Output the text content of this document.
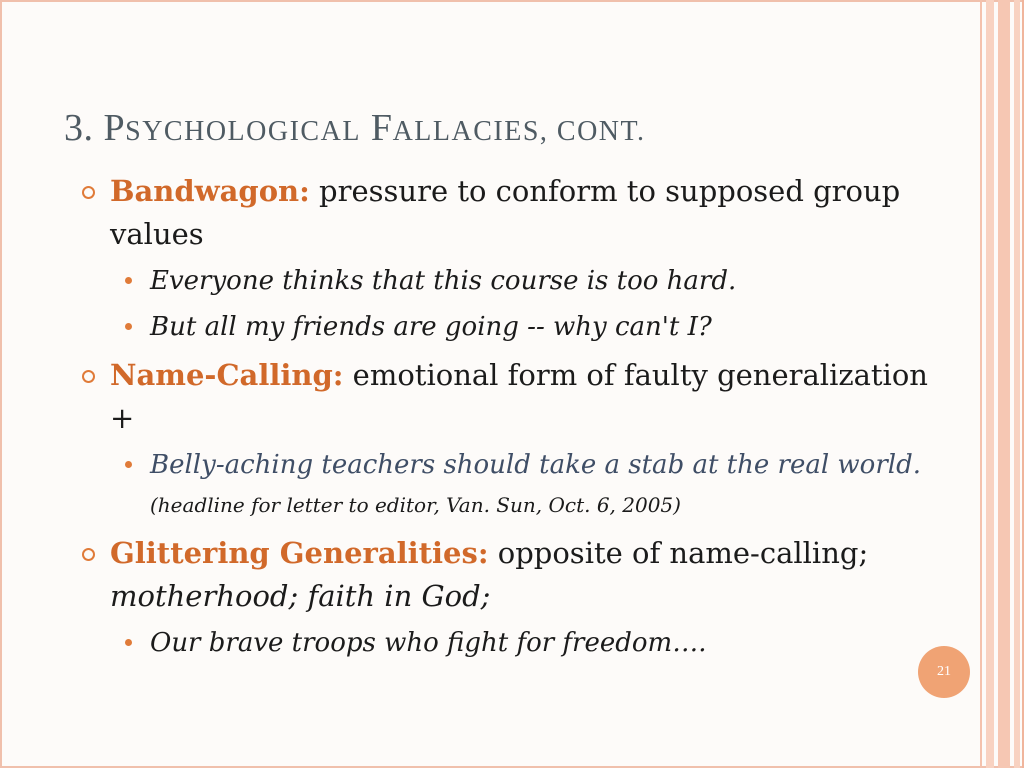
3. PSYCHOLOGICAL FALLACIES, CONT.
Bandwagon: pressure to conform to supposed group values
Everyone thinks that this course is too hard.
But all my friends are going -- why can't I?
Name-Calling: emotional form of faulty generalization +
Belly-aching teachers should take a stab at the real world. (headline for letter to editor, Van. Sun, Oct. 6, 2005)
Glittering Generalities: opposite of name-calling; motherhood; faith in God;
Our brave troops who fight for freedom….
21
